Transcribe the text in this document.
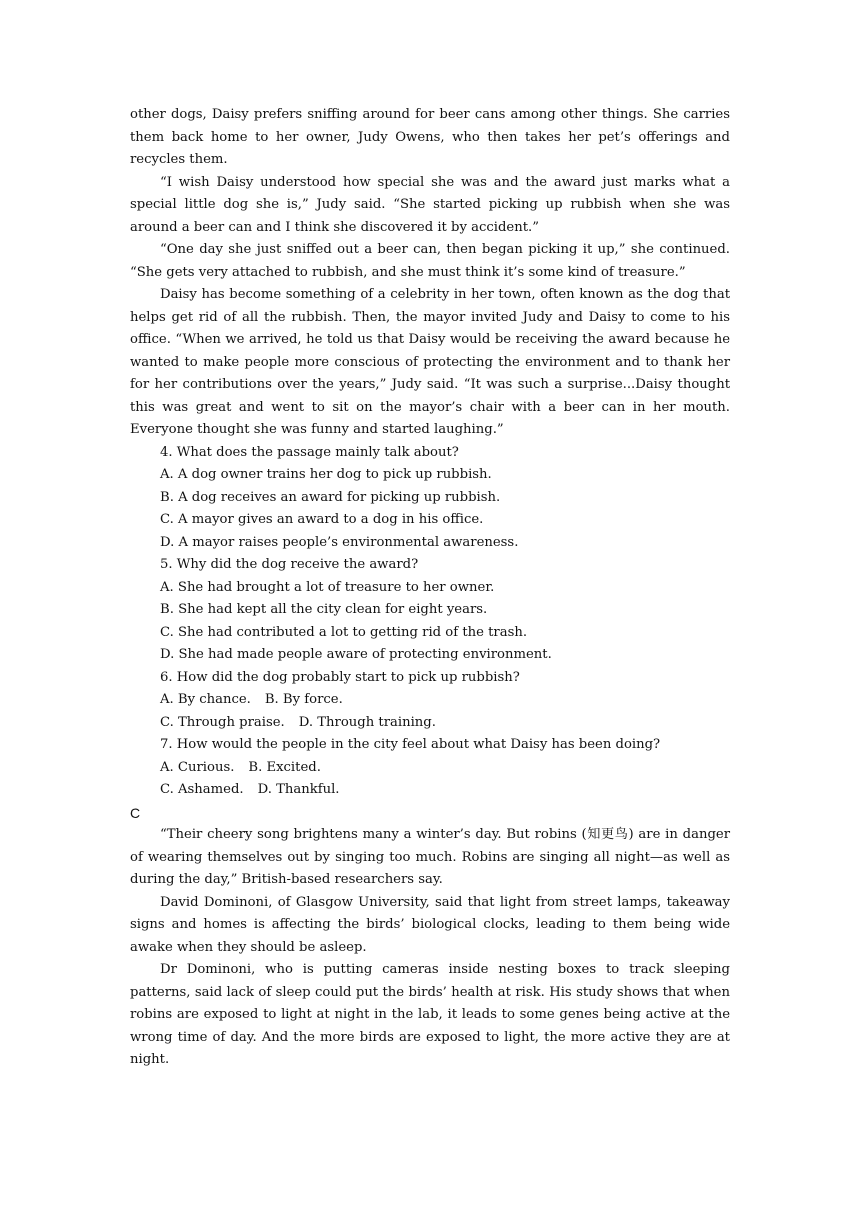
other dogs, Daisy prefers sniffing around for beer cans among other things. She carries them back home to her owner, Judy Owens, who then takes her pet’s offerings and recycles them.

“I wish Daisy understood how special she was and the award just marks what a special little dog she is,” Judy said. “She started picking up rubbish when she was around a beer can and I think she discovered it by accident.”

“One day she just sniffed out a beer can, then began picking it up,” she continued. “She gets very attached to rubbish, and she must think it’s some kind of treasure.”

Daisy has become something of a celebrity in her town, often known as the dog that helps get rid of all the rubbish. Then, the mayor invited Judy and Daisy to come to his office. “When we arrived, he told us that Daisy would be receiving the award because he wanted to make people more conscious of protecting the environment and to thank her for her contributions over the years,” Judy said. “It was such a surprise...Daisy thought this was great and went to sit on the mayor’s chair with a beer can in her mouth. Everyone thought she was funny and started laughing.”

4. What does the passage mainly talk about?

A. A dog owner trains her dog to pick up rubbish.

B. A dog receives an award for picking up rubbish.

C. A mayor gives an award to a dog in his office.

D. A mayor raises people’s environmental awareness.

5. Why did the dog receive the award?

A. She had brought a lot of treasure to her owner.

B. She had kept all the city clean for eight years.

C. She had contributed a lot to getting rid of the trash.

D. She had made people aware of protecting environment.

6. How did the dog probably start to pick up rubbish?

A. By chance. B. By force.

C. Through praise. D. Through training.

7. How would the people in the city feel about what Daisy has been doing?

A. Curious. B. Excited.

C. Ashamed. D. Thankful.

C

“Their cheery song brightens many a winter’s day. But robins (知更鸟) are in danger of wearing themselves out by singing too much. Robins are singing all night—as well as during the day,” British-based researchers say.

David Dominoni, of Glasgow University, said that light from street lamps, takeaway signs and homes is affecting the birds’ biological clocks, leading to them being wide awake when they should be asleep.

Dr Dominoni, who is putting cameras inside nesting boxes to track sleeping patterns, said lack of sleep could put the birds’ health at risk. His study shows that when robins are exposed to light at night in the lab, it leads to some genes being active at the wrong time of day. And the more birds are exposed to light, the more active they are at night.
